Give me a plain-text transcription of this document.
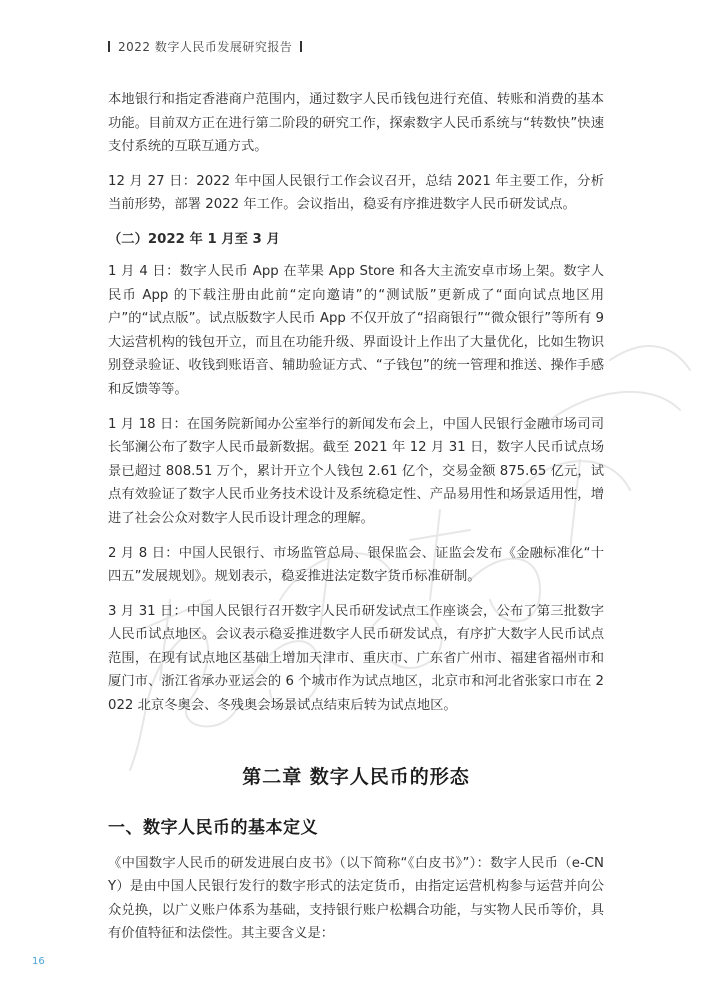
2022 数字人民币发展研究报告

本地银行和指定香港商户范围内，通过数字人民币钱包进行充值、转账和消费的基本功能。目前双方正在进行第二阶段的研究工作，探索数字人民币系统与“转数快”快速支付系统的互联互通方式。

12 月 27 日：2022 年中国人民银行工作会议召开，总结 2021 年主要工作，分析当前形势，部署 2022 年工作。会议指出，稳妥有序推进数字人民币研发试点。

（二）2022 年 1 月至 3 月

1 月 4 日：数字人民币 App 在苹果 App Store 和各大主流安卓市场上架。数字人民币 App 的下载注册由此前“定向邀请”的“测试版”更新成了“面向试点地区用户”的“试点版”。试点版数字人民币 App 不仅开放了“招商银行”“微众银行”等所有 9 大运营机构的钱包开立，而且在功能升级、界面设计上作出了大量优化，比如生物识别登录验证、收钱到账语音、辅助验证方式、“子钱包”的统一管理和推送、操作手感和反馈等等。

1 月 18 日：在国务院新闻办公室举行的新闻发布会上，中国人民银行金融市场司司长邹澜公布了数字人民币最新数据。截至 2021 年 12 月 31 日，数字人民币试点场景已超过 808.51 万个，累计开立个人钱包 2.61 亿个，交易金额 875.65 亿元，试点有效验证了数字人民币业务技术设计及系统稳定性、产品易用性和场景适用性，增进了社会公众对数字人民币设计理念的理解。

2 月 8 日：中国人民银行、市场监管总局、银保监会、证监会发布《金融标准化“十四五”发展规划》。规划表示，稳妥推进法定数字货币标准研制。

3 月 31 日：中国人民银行召开数字人民币研发试点工作座谈会，公布了第三批数字人民币试点地区。会议表示稳妥推进数字人民币研发试点，有序扩大数字人民币试点范围，在现有试点地区基础上增加天津市、重庆市、广东省广州市、福建省福州市和厦门市、浙江省承办亚运会的 6 个城市作为试点地区，北京市和河北省张家口市在 2022 北京冬奥会、冬残奥会场景试点结束后转为试点地区。

第二章 数字人民币的形态
一、数字人民币的基本定义

《中国数字人民币的研发进展白皮书》（以下简称“《白皮书》”）：数字人民币（e-CNY）是由中国人民银行发行的数字形式的法定货币，由指定运营机构参与运营并向公众兑换，以广义账户体系为基础，支持银行账户松耦合功能，与实物人民币等价，具有价值特征和法偿性。其主要含义是：

16
